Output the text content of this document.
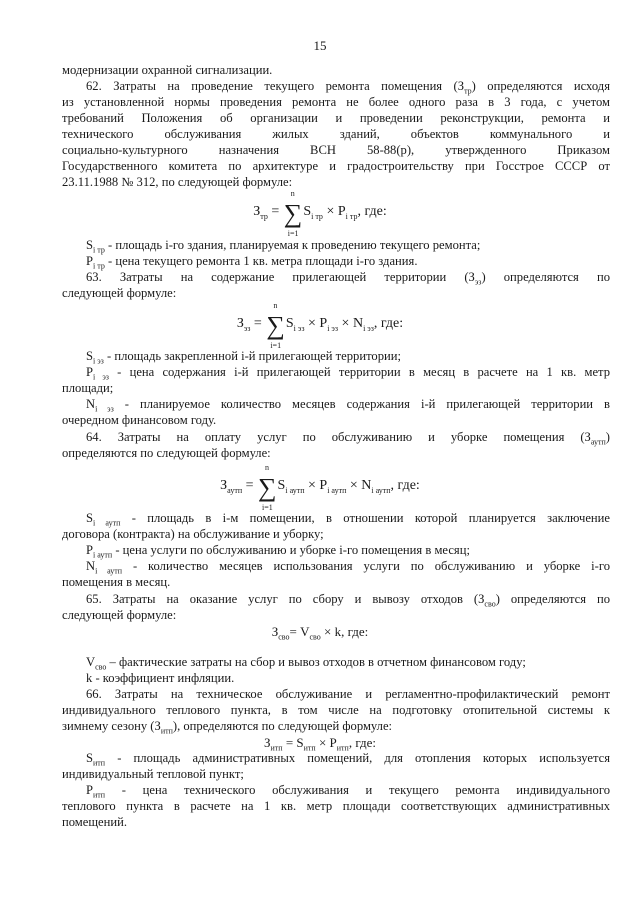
15
модернизации охранной сигнализации.
62. Затраты на проведение текущего ремонта помещения $(З_{тр})$ определяются исходя
из установленной нормы проведения ремонта не более одного раза в 3 года, с учетом
требований Положения об организации и проведении реконструкции, ремонта и
технического обслуживания жилых зданий, объектов коммунального и
социально-культурного назначения ВСН 58-88(р), утвержденного Приказом
Государственного комитета по архитектуре и градостроительству при Госстрое СССР от
23.11.1988 № 312, по следующей формуле:
$З_{тр}$ = ∑
n
i=1
$S_{i тр} \times P_{i тр}$, где:
$S_{i тр}$ - площадь i-го здания, планируемая к проведению текущего ремонта;
$P_{i тр}$ - цена текущего ремонта 1 кв. метра площади i-го здания.
63. Затраты на содержание прилегающей территории $(З_{эз})$ определяются по
следующей формуле:
$З_{эз}$ = ∑
n
i=1
$S_{i эз} \times P_{i эз} \times N_{i эз}$, где:
$S_{i эз}$ - площадь закрепленной i-й прилегающей территории;
$P_{i эз}$ - цена содержания i-й прилегающей территории в месяц в расчете на 1 кв. метр
площади;
$N_{i эз}$ - планируемое количество месяцев содержания i-й прилегающей территории в
очередном финансовом году.
64. Затраты на оплату услуг по обслуживанию и уборке помещения $(З_{аутп})$
определяются по следующей формуле:
$З_{аутп}$ = ∑
n
i=1
$S_{i аутп} \times P_{i аутп} \times N_{i аутп}$, где:
$S_{i аутп}$ - площадь в i-м помещении, в отношении которой планируется заключение
договора (контракта) на обслуживание и уборку;
$P_{i аутп}$ - цена услуги по обслуживанию и уборке i-го помещения в месяц;
$N_{i аутп}$ - количество месяцев использования услуги по обслуживанию и уборке i-го
помещения в месяц.
65. Затраты на оказание услуг по сбору и вывозу отходов $(З_{сво})$ определяются по
следующей формуле:
$З_{сво}= V_{сво} \times k$, где:
$V_{сво}$ – фактические затраты на сбор и вывоз отходов в отчетном финансовом году;
k - коэффициент инфляции.
66. Затраты на техническое обслуживание и регламентно-профилактический ремонт
индивидуального теплового пункта, в том числе на подготовку отопительной системы к
зимнему сезону $(З_{итп})$, определяются по следующей формуле:
$З_{итп} = S_{итп} \times P_{итп}$, где:
$S_{итп}$ - площадь административных помещений, для отопления которых используется
индивидуальный тепловой пункт;
$P_{итп}$ - цена технического обслуживания и текущего ремонта индивидуального
теплового пункта в расчете на 1 кв. метр площади соответствующих административных
помещений.
